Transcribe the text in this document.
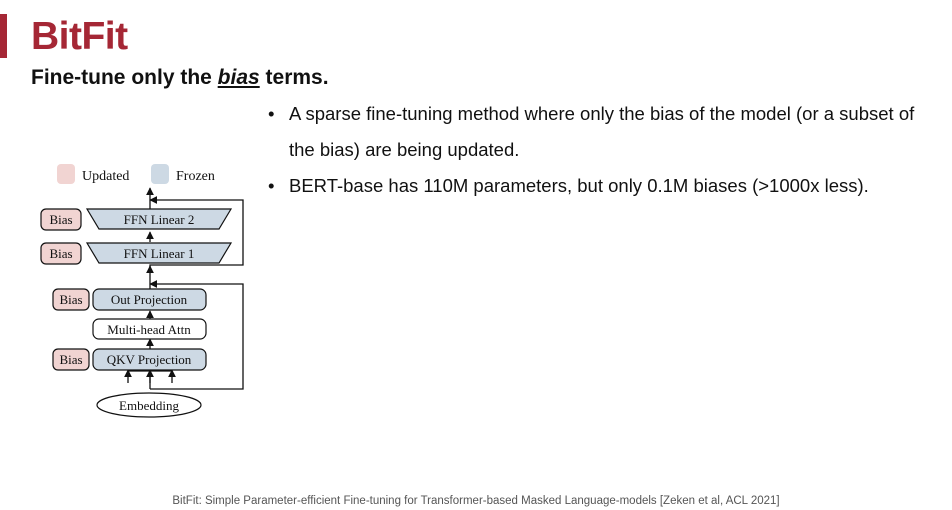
BitFit
Fine-tune only the bias terms.
• A sparse fine-tuning method where only the bias of the model (or a subset of the bias) are being updated.
• BERT-base has 110M parameters, but only 0.1M biases (>1000x less).
Updated	Frozen
Bias	FFN Linear 2
Bias	FFN Linear 1
Bias Out Projection
Multi-head Attn
Bias QKV Projection
Embedding
BitFit: Simple Parameter-efficient Fine-tuning for Transformer-based Masked Language-models [Zeken et al, ACL 2021]
